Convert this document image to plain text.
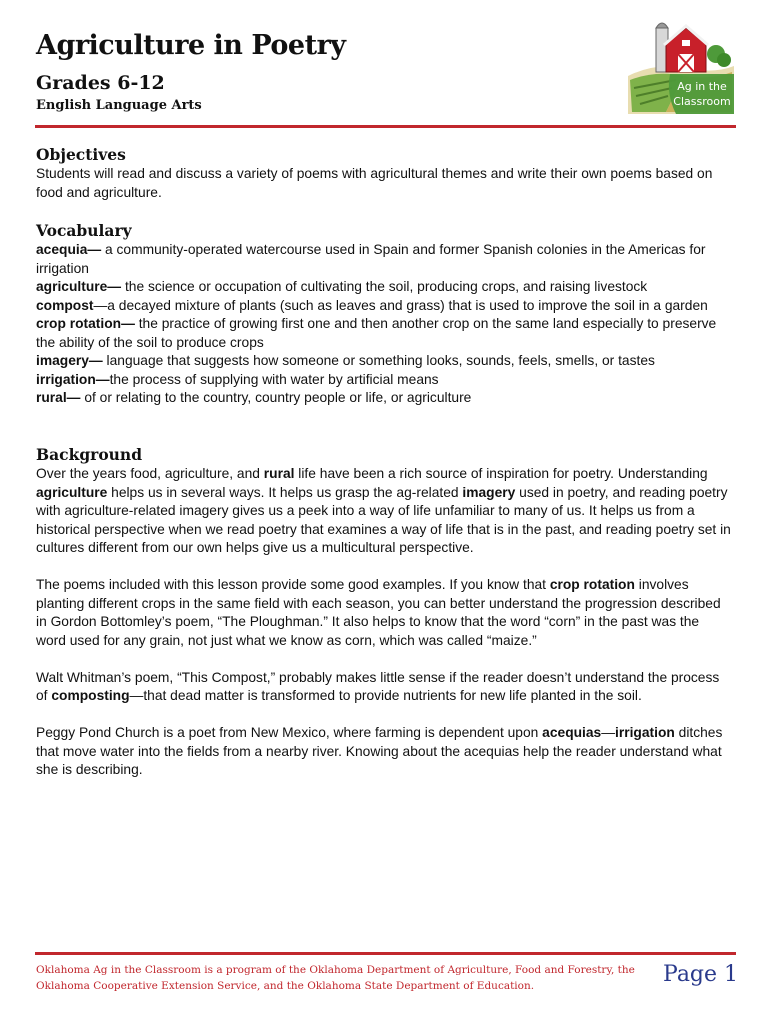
Agriculture in Poetry
Grades 6-12
English Language Arts
Ag in the
Classroom
Objectives

Students will read and discuss a variety of poems with agricultural themes and write their own poems based on food and agriculture.

Vocabulary
acequia— a community-operated watercourse used in Spain and former Spanish colonies in the Americas for irrigation
agriculture— the science or occupation of cultivating the soil, producing crops, and raising livestock
compost—a decayed mixture of plants (such as leaves and grass) that is used to improve the soil in a garden
crop rotation— the practice of growing first one and then another crop on the same land especially to preserve the ability of the soil to produce crops
imagery— language that suggests how someone or something looks, sounds, feels, smells, or tastes
irrigation—the process of supplying with water by artificial means
rural— of or relating to the country, country people or life, or agriculture
Background

Over the years food, agriculture, and rural life have been a rich source of inspiration for poetry. Understanding agriculture helps us in several ways. It helps us grasp the ag-related imagery used in poetry, and reading poetry with agriculture-related imagery gives us a peek into a way of life unfamiliar to many of us. It helps us from a historical perspective when we read poetry that examines a way of life that is in the past, and reading poetry set in cultures different from our own helps give us a multicultural perspective.

The poems included with this lesson provide some good examples. If you know that crop rotation involves planting different crops in the same field with each season, you can better understand the progression described in Gordon Bottomley’s poem, “The Ploughman.” It also helps to know that the word “corn” in the past was the word used for any grain, not just what we know as corn, which was called “maize.”

Walt Whitman’s poem, “This Compost,” probably makes little sense if the reader doesn’t understand the process of composting—that dead matter is transformed to provide nutrients for new life planted in the soil.

Peggy Pond Church is a poet from New Mexico, where farming is dependent upon acequias—irrigation ditches that move water into the fields from a nearby river. Knowing about the acequias help the reader understand what she is describing.

Oklahoma Ag in the Classroom is a program of the Oklahoma Department of Agriculture, Food and Forestry, the Oklahoma Cooperative Extension Service, and the Oklahoma State Department of Education.	Page 1
